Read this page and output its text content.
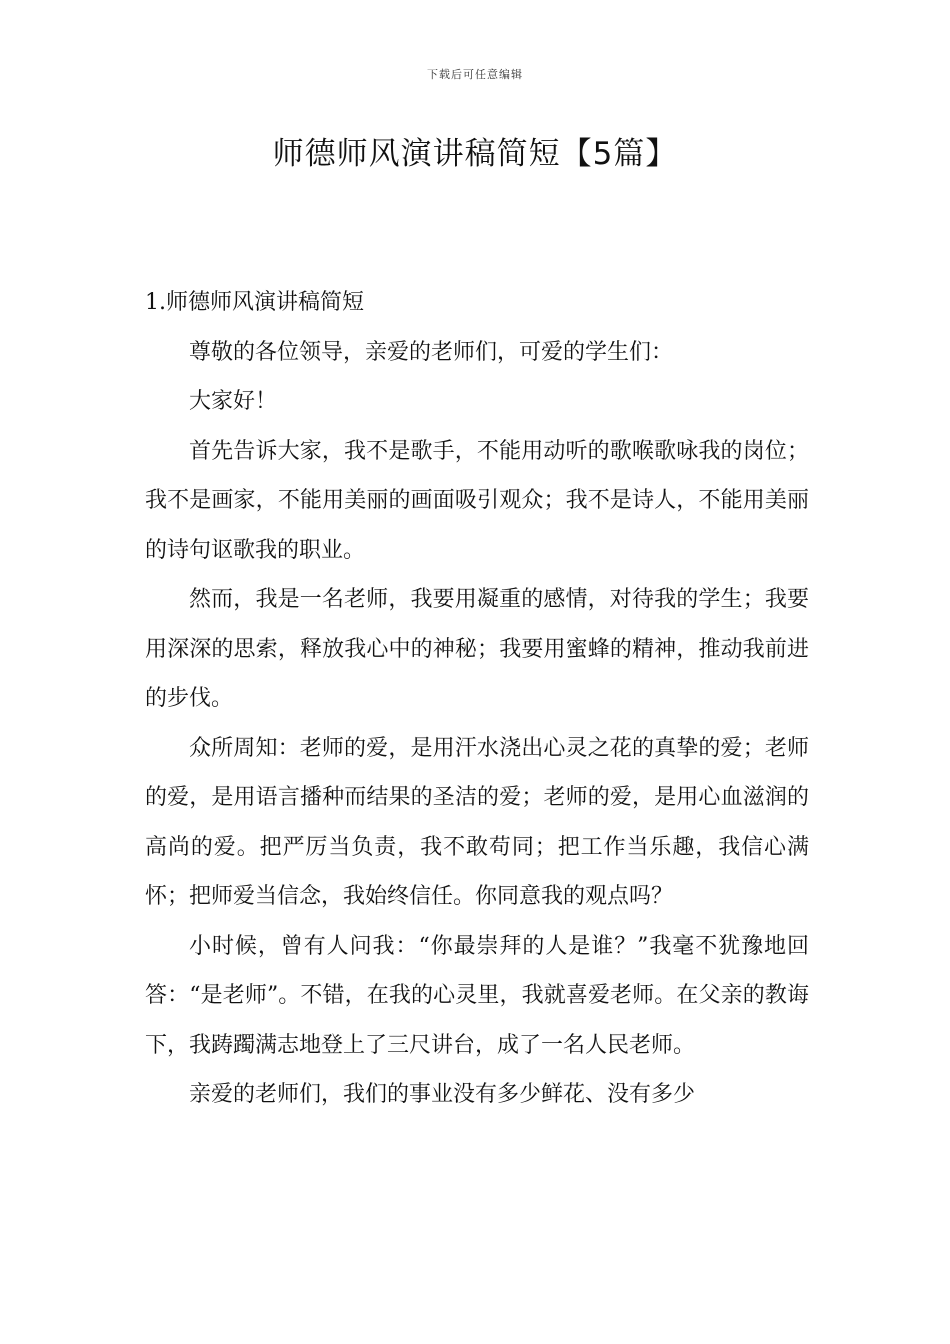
下载后可任意编辑
师德师风演讲稿简短【5篇】

1.师德师风演讲稿简短

尊敬的各位领导，亲爱的老师们，可爱的学生们：

大家好！

首先告诉大家，我不是歌手，不能用动听的歌喉歌咏我的岗位；我不是画家，不能用美丽的画面吸引观众；我不是诗人，不能用美丽的诗句讴歌我的职业。

然而，我是一名老师，我要用凝重的感情，对待我的学生；我要用深深的思索，释放我心中的神秘；我要用蜜蜂的精神，推动我前进的步伐。

众所周知：老师的爱，是用汗水浇出心灵之花的真挚的爱；老师的爱，是用语言播种而结果的圣洁的爱；老师的爱，是用心血滋润的高尚的爱。把严厉当负责，我不敢苟同；把工作当乐趣，我信心满怀；把师爱当信念，我始终信任。你同意我的观点吗？

小时候，曾有人问我：“你最崇拜的人是谁？”我毫不犹豫地回答：“是老师”。不错，在我的心灵里，我就喜爱老师。在父亲的教诲下，我踌躅满志地登上了三尺讲台，成了一名人民老师。

亲爱的老师们，我们的事业没有多少鲜花、没有多少
